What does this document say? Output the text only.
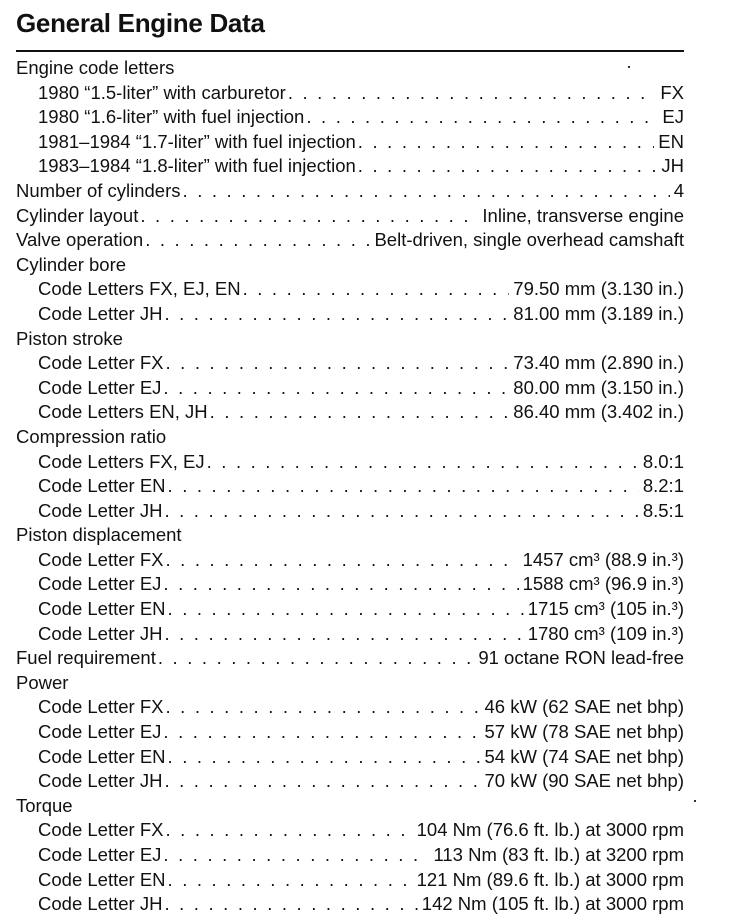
General Engine Data
Engine code letters
1980 “1.5-liter” with carburetor . . .	FX
1980 “1.6-liter” with fuel injection . . .	EJ
1981–1984 “1.7-liter” with fuel injection . . .	EN
1983–1984 “1.8-liter” with fuel injection . . .	JH
Number of cylinders . . .	4
Cylinder layout . . .	Inline, transverse engine
Valve operation . . .	Belt-driven, single overhead camshaft
Cylinder bore
Code Letters FX, EJ, EN . . .	79.50 mm (3.130 in.)
Code Letter JH . . .	81.00 mm (3.189 in.)
Piston stroke
Code Letter FX . . .	73.40 mm (2.890 in.)
Code Letter EJ . . .	80.00 mm (3.150 in.)
Code Letters EN, JH . . .	86.40 mm (3.402 in.)
Compression ratio
Code Letters FX, EJ . . .	8.0:1
Code Letter EN . . .	8.2:1
Code Letter JH . . .	8.5:1
Piston displacement
Code Letter FX . . .	1457 cm³ (88.9 in.³)
Code Letter EJ . . .	1588 cm³ (96.9 in.³)
Code Letter EN . . .	1715 cm³ (105 in.³)
Code Letter JH . . .	1780 cm³ (109 in.³)
Fuel requirement . . .	91 octane RON lead-free
Power
Code Letter FX . . .	46 kW (62 SAE net bhp)
Code Letter EJ . . .	57 kW (78 SAE net bhp)
Code Letter EN . . .	54 kW (74 SAE net bhp)
Code Letter JH . . .	70 kW (90 SAE net bhp)
Torque
Code Letter FX . . .	104 Nm (76.6 ft. lb.) at 3000 rpm
Code Letter EJ . . .	113 Nm (83 ft. lb.) at 3200 rpm
Code Letter EN . . .	121 Nm (89.6 ft. lb.) at 3000 rpm
Code Letter JH . . .	142 Nm (105 ft. lb.) at 3000 rpm
